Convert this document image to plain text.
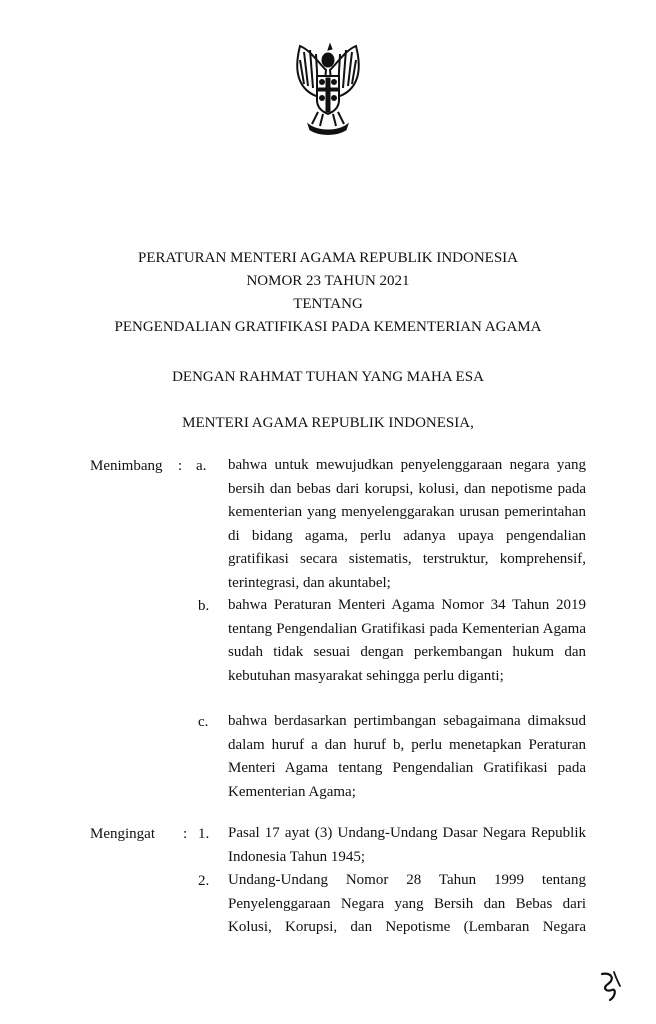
PERATURAN MENTERI AGAMA REPUBLIK INDONESIA
NOMOR 23 TAHUN 2021
TENTANG
PENGENDALIAN GRATIFIKASI PADA KEMENTERIAN AGAMA
DENGAN RAHMAT TUHAN YANG MAHA ESA
MENTERI AGAMA REPUBLIK INDONESIA,
Menimbang : a. bahwa untuk mewujudkan penyelenggaraan negara yang bersih dan bebas dari korupsi, kolusi, dan nepotisme pada kementerian yang menyelenggarakan urusan pemerintahan di bidang agama, perlu adanya upaya pengendalian gratifikasi secara sistematis, terstruktur, komprehensif, terintegrasi, dan akuntabel;
b. bahwa Peraturan Menteri Agama Nomor 34 Tahun 2019 tentang Pengendalian Gratifikasi pada Kementerian Agama sudah tidak sesuai dengan perkembangan hukum dan kebutuhan masyarakat sehingga perlu diganti;
c. bahwa berdasarkan pertimbangan sebagaimana dimaksud dalam huruf a dan huruf b, perlu menetapkan Peraturan Menteri Agama tentang Pengendalian Gratifikasi pada Kementerian Agama;
Mengingat : 1. Pasal 17 ayat (3) Undang-Undang Dasar Negara Republik Indonesia Tahun 1945;
2. Undang-Undang Nomor 28 Tahun 1999 tentang Penyelenggaraan Negara yang Bersih dan Bebas dari Kolusi, Korupsi, dan Nepotisme (Lembaran Negara
